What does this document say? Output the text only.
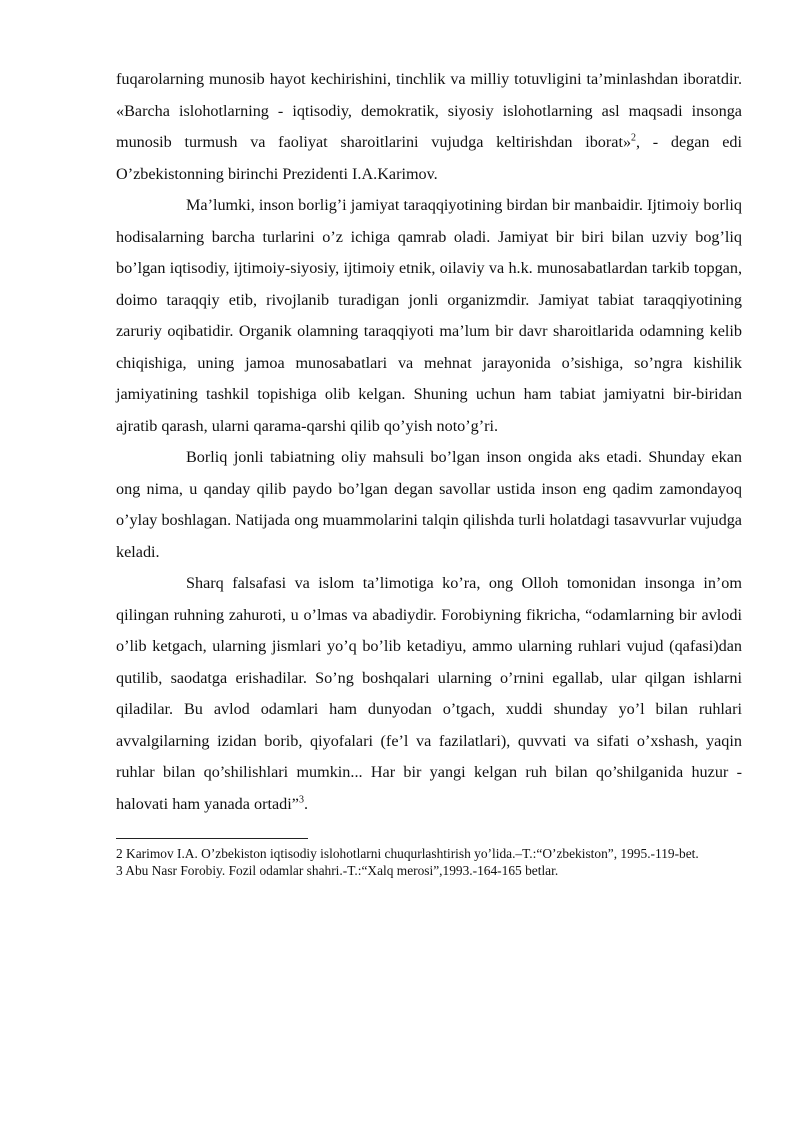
fuqarolarning munosib hayot kechirishini, tinchlik va milliy totuvligini ta’minlashdan iboratdir. «Barcha islohotlarning - iqtisodiy, demokratik, siyosiy islohotlarning asl maqsadi insonga munosib turmush va faoliyat sharoitlarini vujudga keltirishdan iborat»$^2$, - degan edi O’zbekistonning birinchi Prezidenti I.A.Karimov.

Ma’lumki, inson borlig’i jamiyat taraqqiyotining birdan bir manbaidir. Ijtimoiy borliq hodisalarning barcha turlarini o’z ichiga qamrab oladi. Jamiyat bir biri bilan uzviy bog’liq bo’lgan iqtisodiy, ijtimoiy-siyosiy, ijtimoiy etnik, oilaviy va h.k. munosabatlardan tarkib topgan, doimo taraqqiy etib, rivojlanib turadigan jonli organizmdir. Jamiyat tabiat taraqqiyotining zaruriy oqibatidir. Organik olamning taraqqiyoti ma’lum bir davr sharoitlarida odamning kelib chiqishiga, uning jamoa munosabatlari va mehnat jarayonida o’sishiga, so’ngra kishilik jamiyatining tashkil topishiga olib kelgan. Shuning uchun ham tabiat jamiyatni bir-biridan ajratib qarash, ularni qarama-qarshi qilib qo’yish noto’g’ri.

Borliq jonli tabiatning oliy mahsuli bo’lgan inson ongida aks etadi. Shunday ekan ong nima, u qanday qilib paydo bo’lgan degan savollar ustida inson eng qadim zamondayoq o’ylay boshlagan. Natijada ong muammolarini talqin qilishda turli holatdagi tasavvurlar vujudga keladi.

Sharq falsafasi va islom ta’limotiga ko’ra, ong Olloh tomonidan insonga in’om qilingan ruhning zahuroti, u o’lmas va abadiydir. Forobiyning fikricha, “odamlarning bir avlodi o’lib ketgach, ularning jismlari yo’q bo’lib ketadiyu, ammo ularning ruhlari vujud (qafasi)dan qutilib, saodatga erishadilar. So’ng boshqalari ularning o’rnini egallab, ular qilgan ishlarni qiladilar. Bu avlod odamlari ham dunyodan o’tgach, xuddi shunday yo’l bilan ruhlari avvalgilarning izidan borib, qiyofalari (fe’l va fazilatlari), quvvati va sifati o’xshash, yaqin ruhlar bilan qo’shilishlari mumkin... Har bir yangi kelgan ruh bilan qo’shilganida huzur - halovati ham yanada ortadi”$^3$.

2 Karimov I.A. O’zbekiston iqtisodiy islohotlarni chuqurlashtirish yo’lida.–T.:“O’zbekiston”, 1995.-119-bet.

3 Abu Nasr Forobiy. Fozil odamlar shahri.-T.:“Xalq merosi”,1993.-164-165 betlar.
